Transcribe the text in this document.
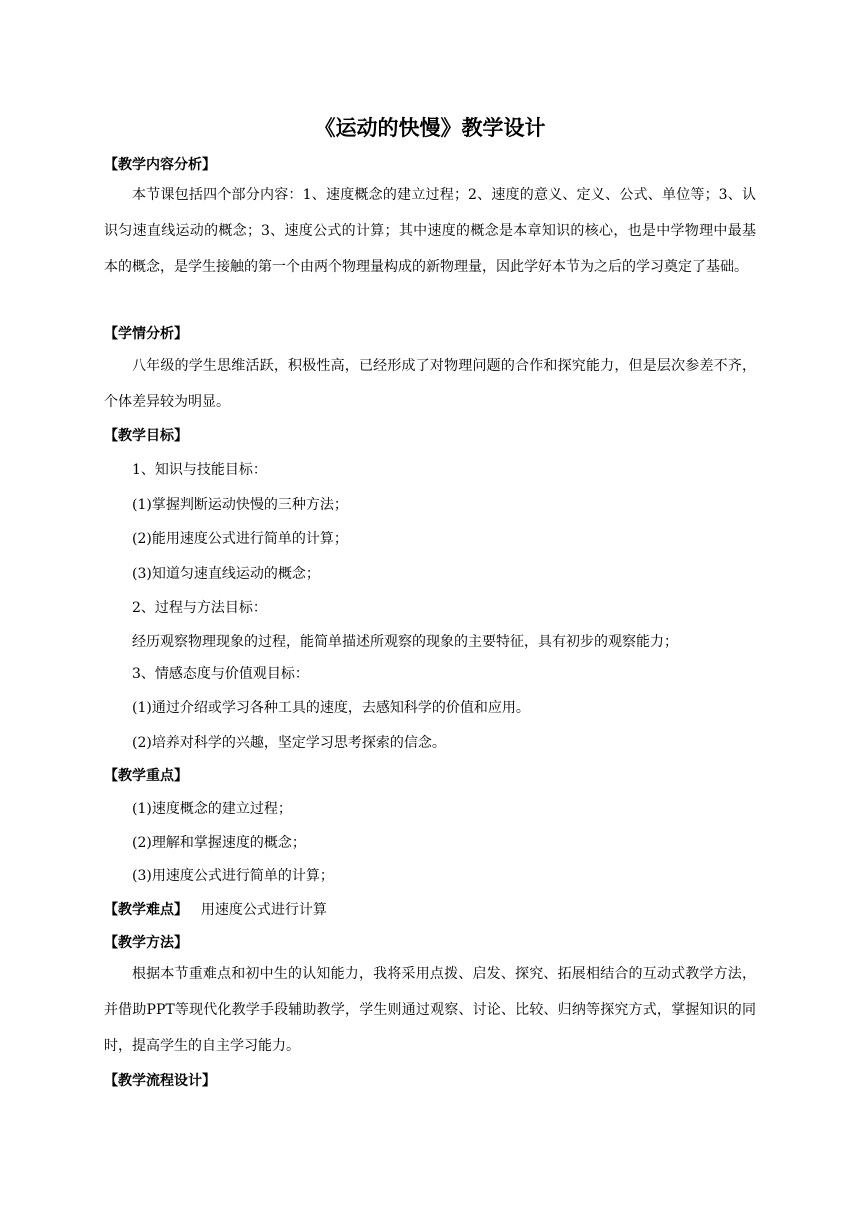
《运动的快慢》教学设计
【教学内容分析】

本节课包括四个部分内容：1、速度概念的建立过程；2、速度的意义、定义、公式、单位等；3、认识匀速直线运动的概念；3、速度公式的计算；其中速度的概念是本章知识的核心，也是中学物理中最基本的概念，是学生接触的第一个由两个物理量构成的新物理量，因此学好本节为之后的学习奠定了基础。

【学情分析】

八年级的学生思维活跃，积极性高，已经形成了对物理问题的合作和探究能力，但是层次参差不齐，个体差异较为明显。

【教学目标】
1、知识与技能目标：
(1)掌握判断运动快慢的三种方法；
(2)能用速度公式进行简单的计算；
(3)知道匀速直线运动的概念；
2、过程与方法目标：
经历观察物理现象的过程，能简单描述所观察的现象的主要特征，具有初步的观察能力；
3、情感态度与价值观目标：
(1)通过介绍或学习各种工具的速度，去感知科学的价值和应用。
(2)培养对科学的兴趣，坚定学习思考探索的信念。
【教学重点】
(1)速度概念的建立过程；
(2)理解和掌握速度的概念；
(3)用速度公式进行简单的计算；
【教学难点】 用速度公式进行计算
【教学方法】

根据本节重难点和初中生的认知能力，我将采用点拨、启发、探究、拓展相结合的互动式教学方法，并借助PPT等现代化教学手段辅助教学，学生则通过观察、讨论、比较、归纳等探究方式，掌握知识的同时，提高学生的自主学习能力。

【教学流程设计】
